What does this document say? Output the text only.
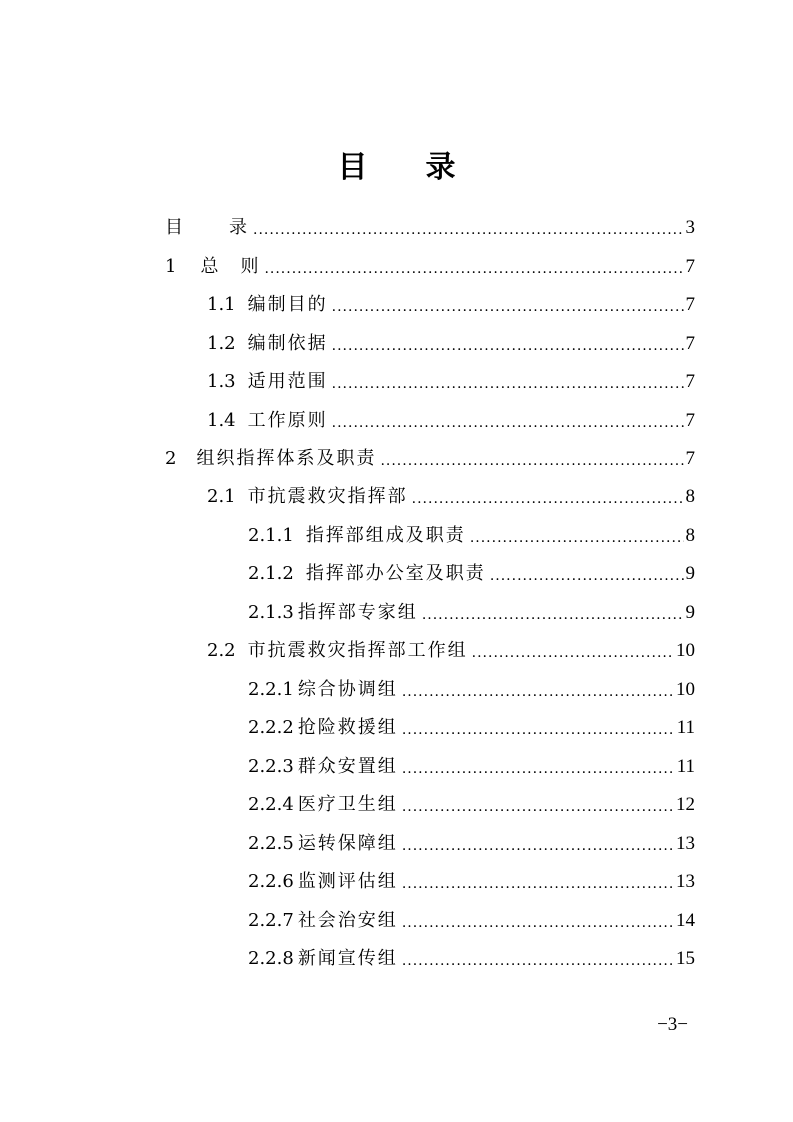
目 录
目	录 .....	3
1 总　则 .....	7
1.1 编制目的 .....	7
1.2 编制依据 .....	7
1.3 适用范围 .....	7
1.4 工作原则 .....	7
2 组织指挥体系及职责 .....	7
2.1 市抗震救灾指挥部 .....	8
2.1.1 指挥部组成及职责 .....	8
2.1.2 指挥部办公室及职责 .....	9
2.1.3 指挥部专家组 .....	9
2.2 市抗震救灾指挥部工作组 .....	10
2.2.1 综合协调组 .....	10
2.2.2 抢险救援组 .....	11
2.2.3 群众安置组 .....	11
2.2.4 医疗卫生组 .....	12
2.2.5 运转保障组 .....	13
2.2.6 监测评估组 .....	13
2.2.7 社会治安组 .....	14
2.2.8 新闻宣传组 .....	15
−3−
